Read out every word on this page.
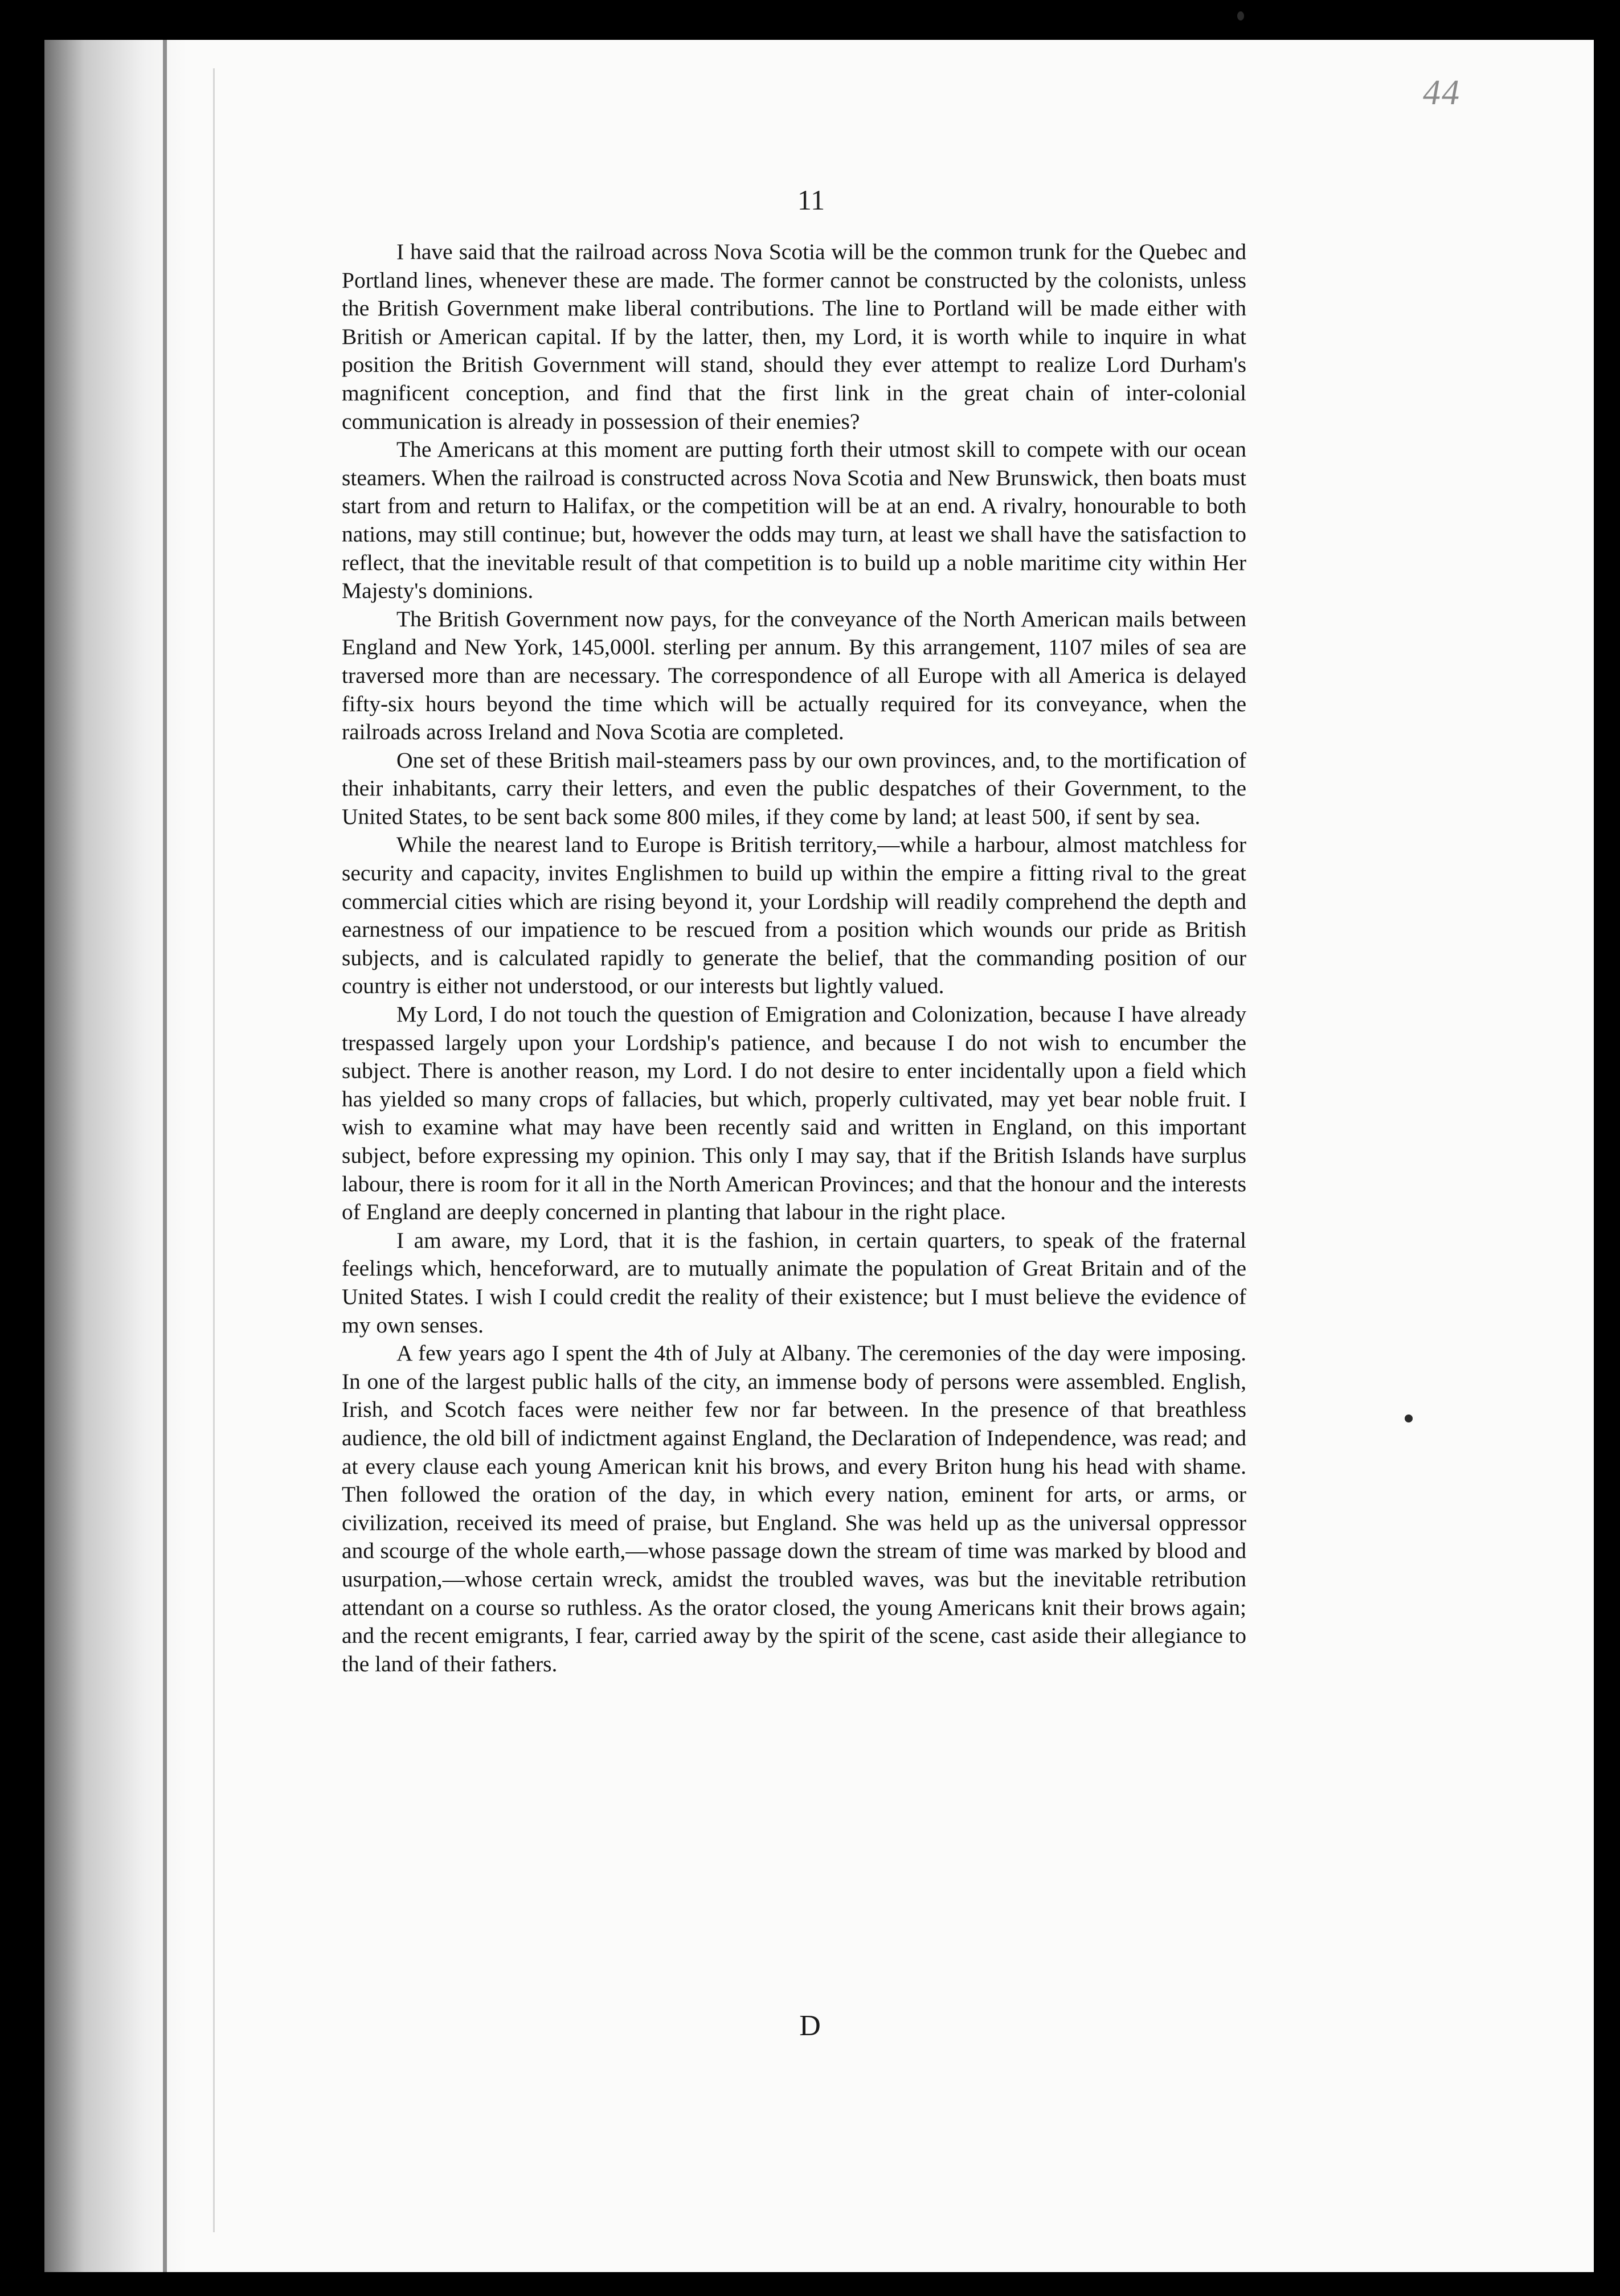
44
11

I have said that the railroad across Nova Scotia will be the common trunk for the Quebec and Portland lines, whenever these are made. The former cannot be constructed by the colonists, unless the British Government make liberal contributions. The line to Portland will be made either with British or American capital. If by the latter, then, my Lord, it is worth while to inquire in what position the British Government will stand, should they ever attempt to realize Lord Durham's magnificent conception, and find that the first link in the great chain of inter-colonial communication is already in possession of their enemies?

The Americans at this moment are putting forth their utmost skill to compete with our ocean steamers. When the railroad is constructed across Nova Scotia and New Brunswick, then boats must start from and return to Halifax, or the competition will be at an end. A rivalry, honourable to both nations, may still continue; but, however the odds may turn, at least we shall have the satisfaction to reflect, that the inevitable result of that competition is to build up a noble maritime city within Her Majesty's dominions.

The British Government now pays, for the conveyance of the North American mails between England and New York, 145,000l. sterling per annum. By this arrangement, 1107 miles of sea are traversed more than are necessary. The correspondence of all Europe with all America is delayed fifty-six hours beyond the time which will be actually required for its conveyance, when the railroads across Ireland and Nova Scotia are completed.

One set of these British mail-steamers pass by our own provinces, and, to the mortification of their inhabitants, carry their letters, and even the public despatches of their Government, to the United States, to be sent back some 800 miles, if they come by land; at least 500, if sent by sea.

While the nearest land to Europe is British territory,—while a harbour, almost matchless for security and capacity, invites Englishmen to build up within the empire a fitting rival to the great commercial cities which are rising beyond it, your Lordship will readily comprehend the depth and earnestness of our impatience to be rescued from a position which wounds our pride as British subjects, and is calculated rapidly to generate the belief, that the commanding position of our country is either not understood, or our interests but lightly valued.

My Lord, I do not touch the question of Emigration and Colonization, because I have already trespassed largely upon your Lordship's patience, and because I do not wish to encumber the subject. There is another reason, my Lord. I do not desire to enter incidentally upon a field which has yielded so many crops of fallacies, but which, properly cultivated, may yet bear noble fruit. I wish to examine what may have been recently said and written in England, on this important subject, before expressing my opinion. This only I may say, that if the British Islands have surplus labour, there is room for it all in the North American Provinces; and that the honour and the interests of England are deeply concerned in planting that labour in the right place.

I am aware, my Lord, that it is the fashion, in certain quarters, to speak of the fraternal feelings which, henceforward, are to mutually animate the population of Great Britain and of the United States. I wish I could credit the reality of their existence; but I must believe the evidence of my own senses.

A few years ago I spent the 4th of July at Albany. The ceremonies of the day were imposing. In one of the largest public halls of the city, an immense body of persons were assembled. English, Irish, and Scotch faces were neither few nor far between. In the presence of that breathless audience, the old bill of indictment against England, the Declaration of Independence, was read; and at every clause each young American knit his brows, and every Briton hung his head with shame. Then followed the oration of the day, in which every nation, eminent for arts, or arms, or civilization, received its meed of praise, but England. She was held up as the universal oppressor and scourge of the whole earth,—whose passage down the stream of time was marked by blood and usurpation,—whose certain wreck, amidst the troubled waves, was but the inevitable retribution attendant on a course so ruthless. As the orator closed, the young Americans knit their brows again; and the recent emigrants, I fear, carried away by the spirit of the scene, cast aside their allegiance to the land of their fathers.

D
